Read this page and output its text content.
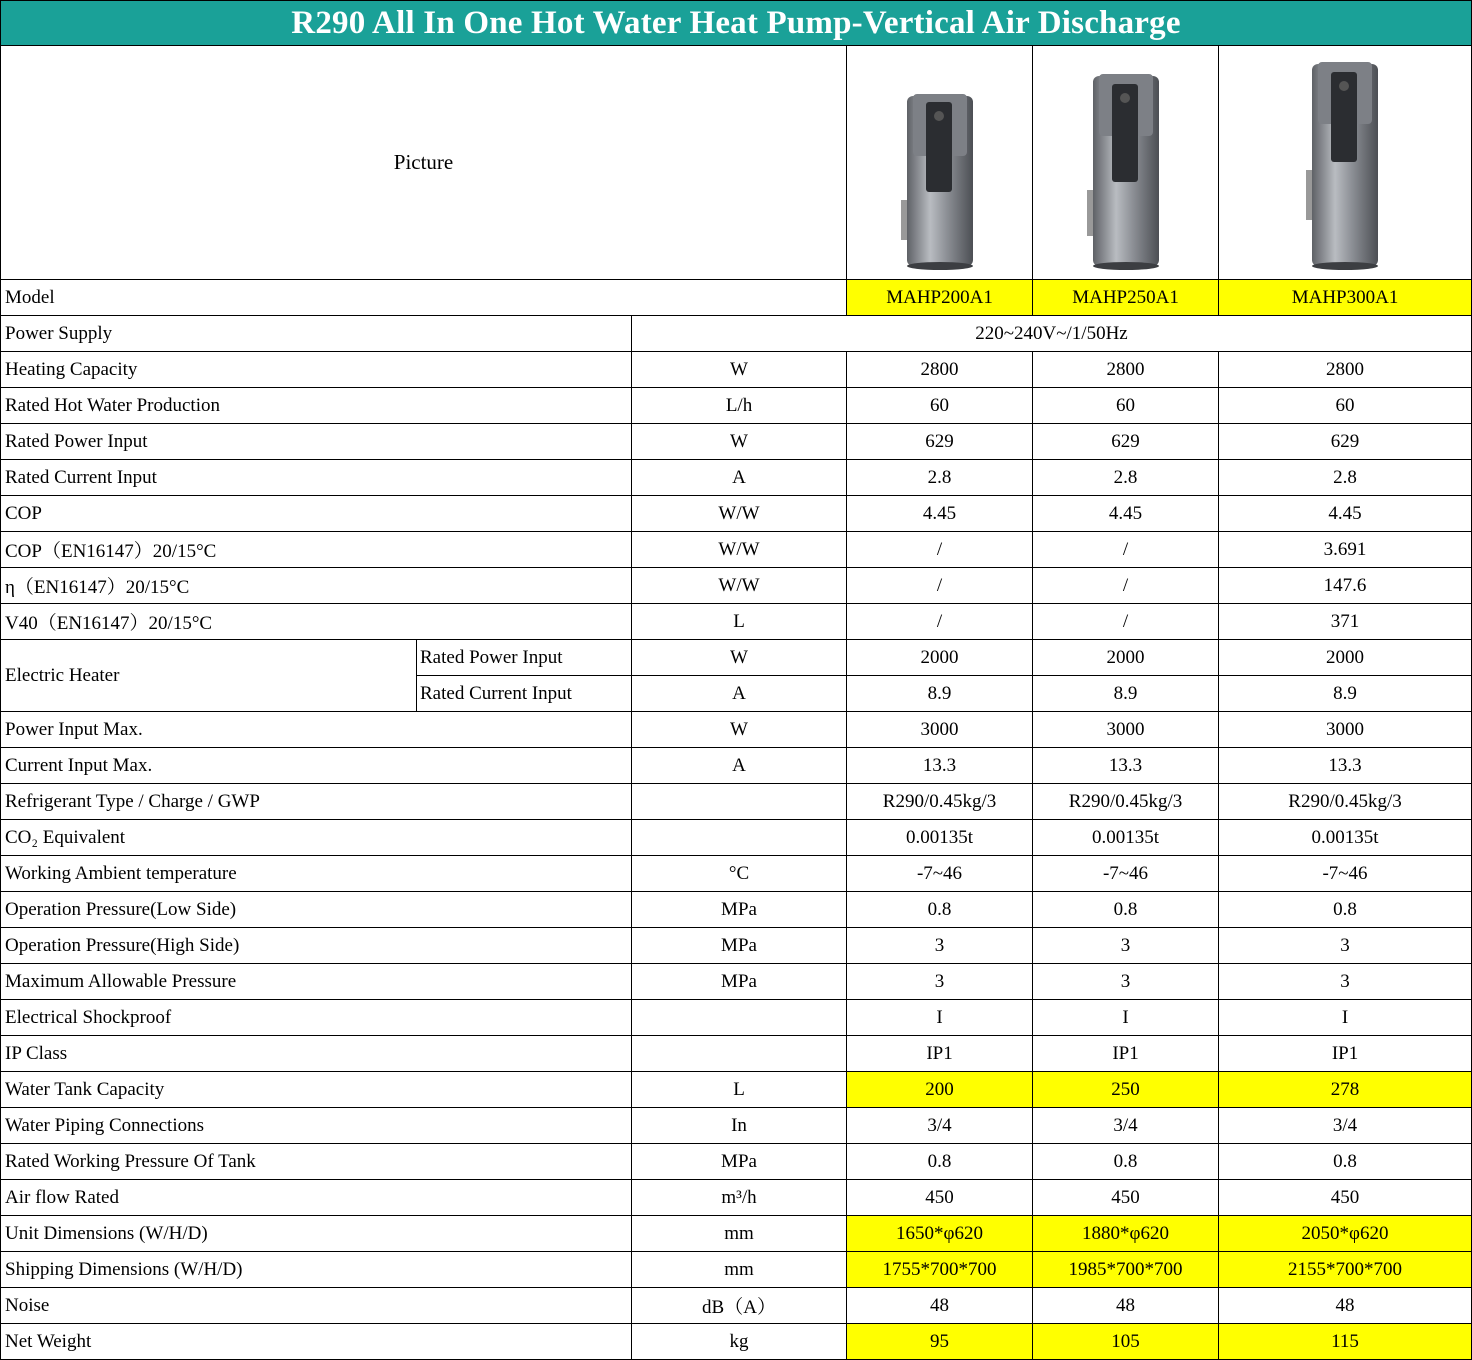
R290 All In One Hot Water Heat Pump-Vertical Air Discharge
Picture	

Model			MAHP200A1	MAHP250A1	MAHP300A1
Power Supply		220~240V~/1/50Hz			
Heating Capacity		W	2800	2800	2800
Rated Hot Water Production		L/h	60	60	60
Rated Power Input		W	629	629	629
Rated Current Input		A	2.8	2.8	2.8
COP		W/W	4.45	4.45	4.45
COP（EN16147）20/15°C		W/W	/	/	3.691
η（EN16147）20/15°C		W/W	/	/	147.6
V40（EN16147）20/15°C		L	/	/	371
Electric Heater	Rated Power Input	W	2000	2000	2000
	Rated Current Input	A	8.9	8.9	8.9
Power Input Max.		W	3000	3000	3000
Current Input Max.		A	13.3	13.3	13.3
Refrigerant Type / Charge / GWP			R290/0.45kg/3	R290/0.45kg/3	R290/0.45kg/3
CO₂ Equivalent			0.00135t	0.00135t	0.00135t
Working Ambient temperature		°C	-7~46	-7~46	-7~46
Operation Pressure(Low Side)		MPa	0.8	0.8	0.8
Operation Pressure(High Side)		MPa	3	3	3
Maximum Allowable Pressure		MPa	3	3	3
Electrical Shockproof			I	I	I
IP Class			IP1	IP1	IP1
Water Tank Capacity		L	200	250	278
Water Piping Connections		In	3/4	3/4	3/4
Rated Working Pressure Of Tank		MPa	0.8	0.8	0.8
Air flow Rated		m³/h	450	450	450
Unit Dimensions (W/H/D)		mm	1650*φ620	1880*φ620	2050*φ620
Shipping Dimensions (W/H/D)		mm	1755*700*700	1985*700*700	2155*700*700
Noise		dB（A）	48	48	48
Net Weight		kg	95	105	115
